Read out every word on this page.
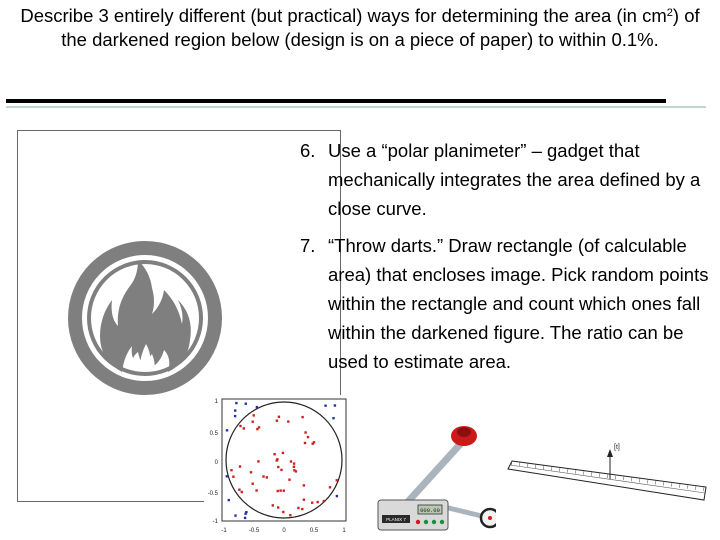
Describe 3 entirely different (but practical) ways for determining the area (in $cm^2$) of the darkened region below (design is on a piece of paper) to within 0.1%.
6. Use a “polar planimeter” – gadget that mechanically integrates the area defined by a close curve.
7. “Throw darts.” Draw rectangle (of calculable area) that encloses image. Pick random points within the rectangle and count which ones fall within the darkened figure. The ratio can be used to estimate area.
1
0.5
0
-0.5
-1
-1	-0.5	0	0.5	1
000.00
PLANIX 7
[t]
